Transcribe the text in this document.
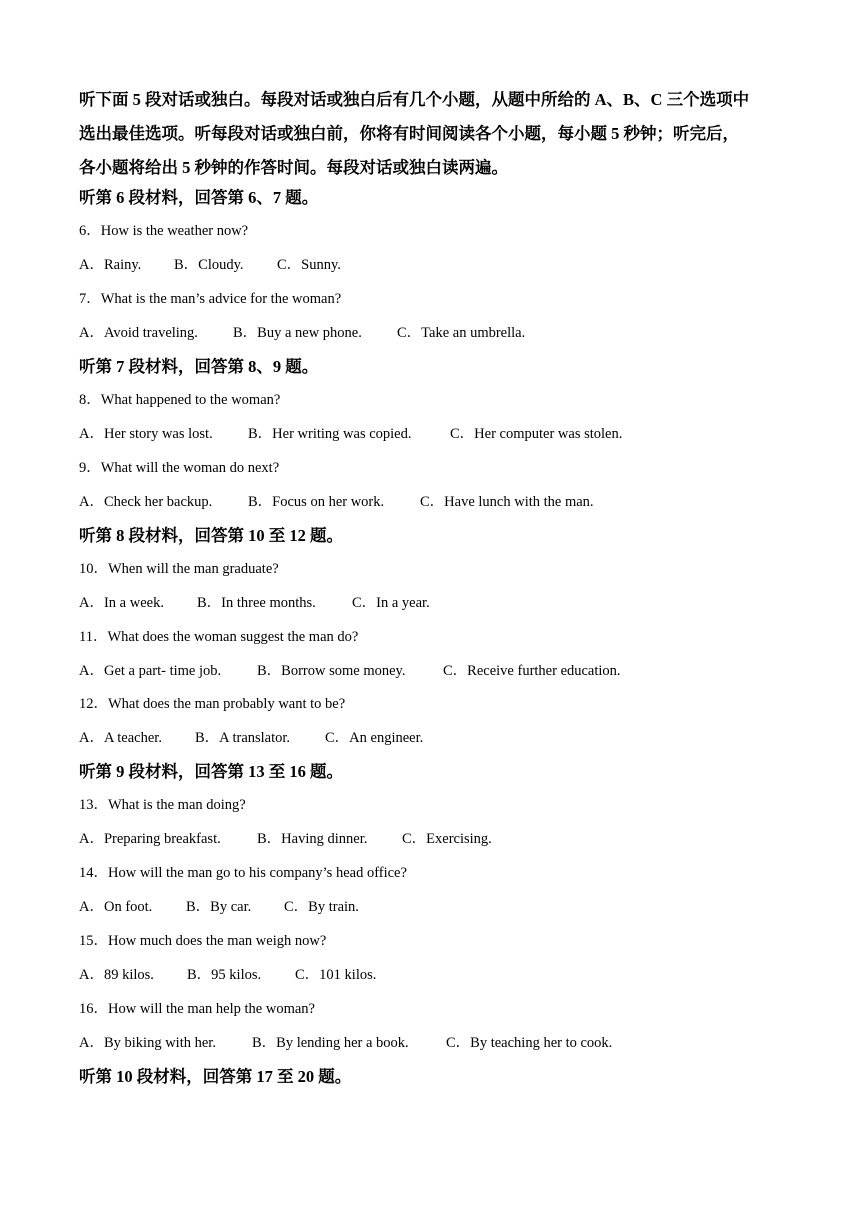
听下面 5 段对话或独白。每段对话或独白后有几个小题，从题中所给的 A、B、C 三个选项中

选出最佳选项。听每段对话或独白前，你将有时间阅读各个小题，每小题 5 秒钟；听完后，

各小题将给出 5 秒钟的作答时间。每段对话或独白读两遍。

听第 6 段材料，回答第 6、7 题。
6．How is the weather now?
A．Rainy. B．Cloudy. C．Sunny.
7．What is the man’s advice for the woman?
A．Avoid traveling. B．Buy a new phone. C．Take an umbrella.
听第 7 段材料，回答第 8、9 题。
8．What happened to the woman?
A．Her story was lost. B．Her writing was copied.	C．Her computer was stolen.
9．What will the woman do next?
A．Check her backup. B．Focus on her work. C．Have lunch with the man.
听第 8 段材料，回答第 10 至 12 题。
10．When will the man graduate?
A．In a week. B．In three months. C．In a year.
11．What does the woman suggest the man do?
A．Get a part- time job. B．Borrow some money.	C．Receive further education.
12．What does the man probably want to be?
A．A teacher. B．A translator. C．An engineer.
听第 9 段材料，回答第 13 至 16 题。
13．What is the man doing?
A．Preparing breakfast.	B．Having dinner. C．Exercising.
14．How will the man go to his company’s head office?
A．On foot. B．By car. C．By train.
15．How much does the man weigh now?
A．89 kilos. B．95 kilos. C．101 kilos.
16．How will the man help the woman?
A．By biking with her. B．By lending her a book.	C．By teaching her to cook.
听第 10 段材料，回答第 17 至 20 题。
